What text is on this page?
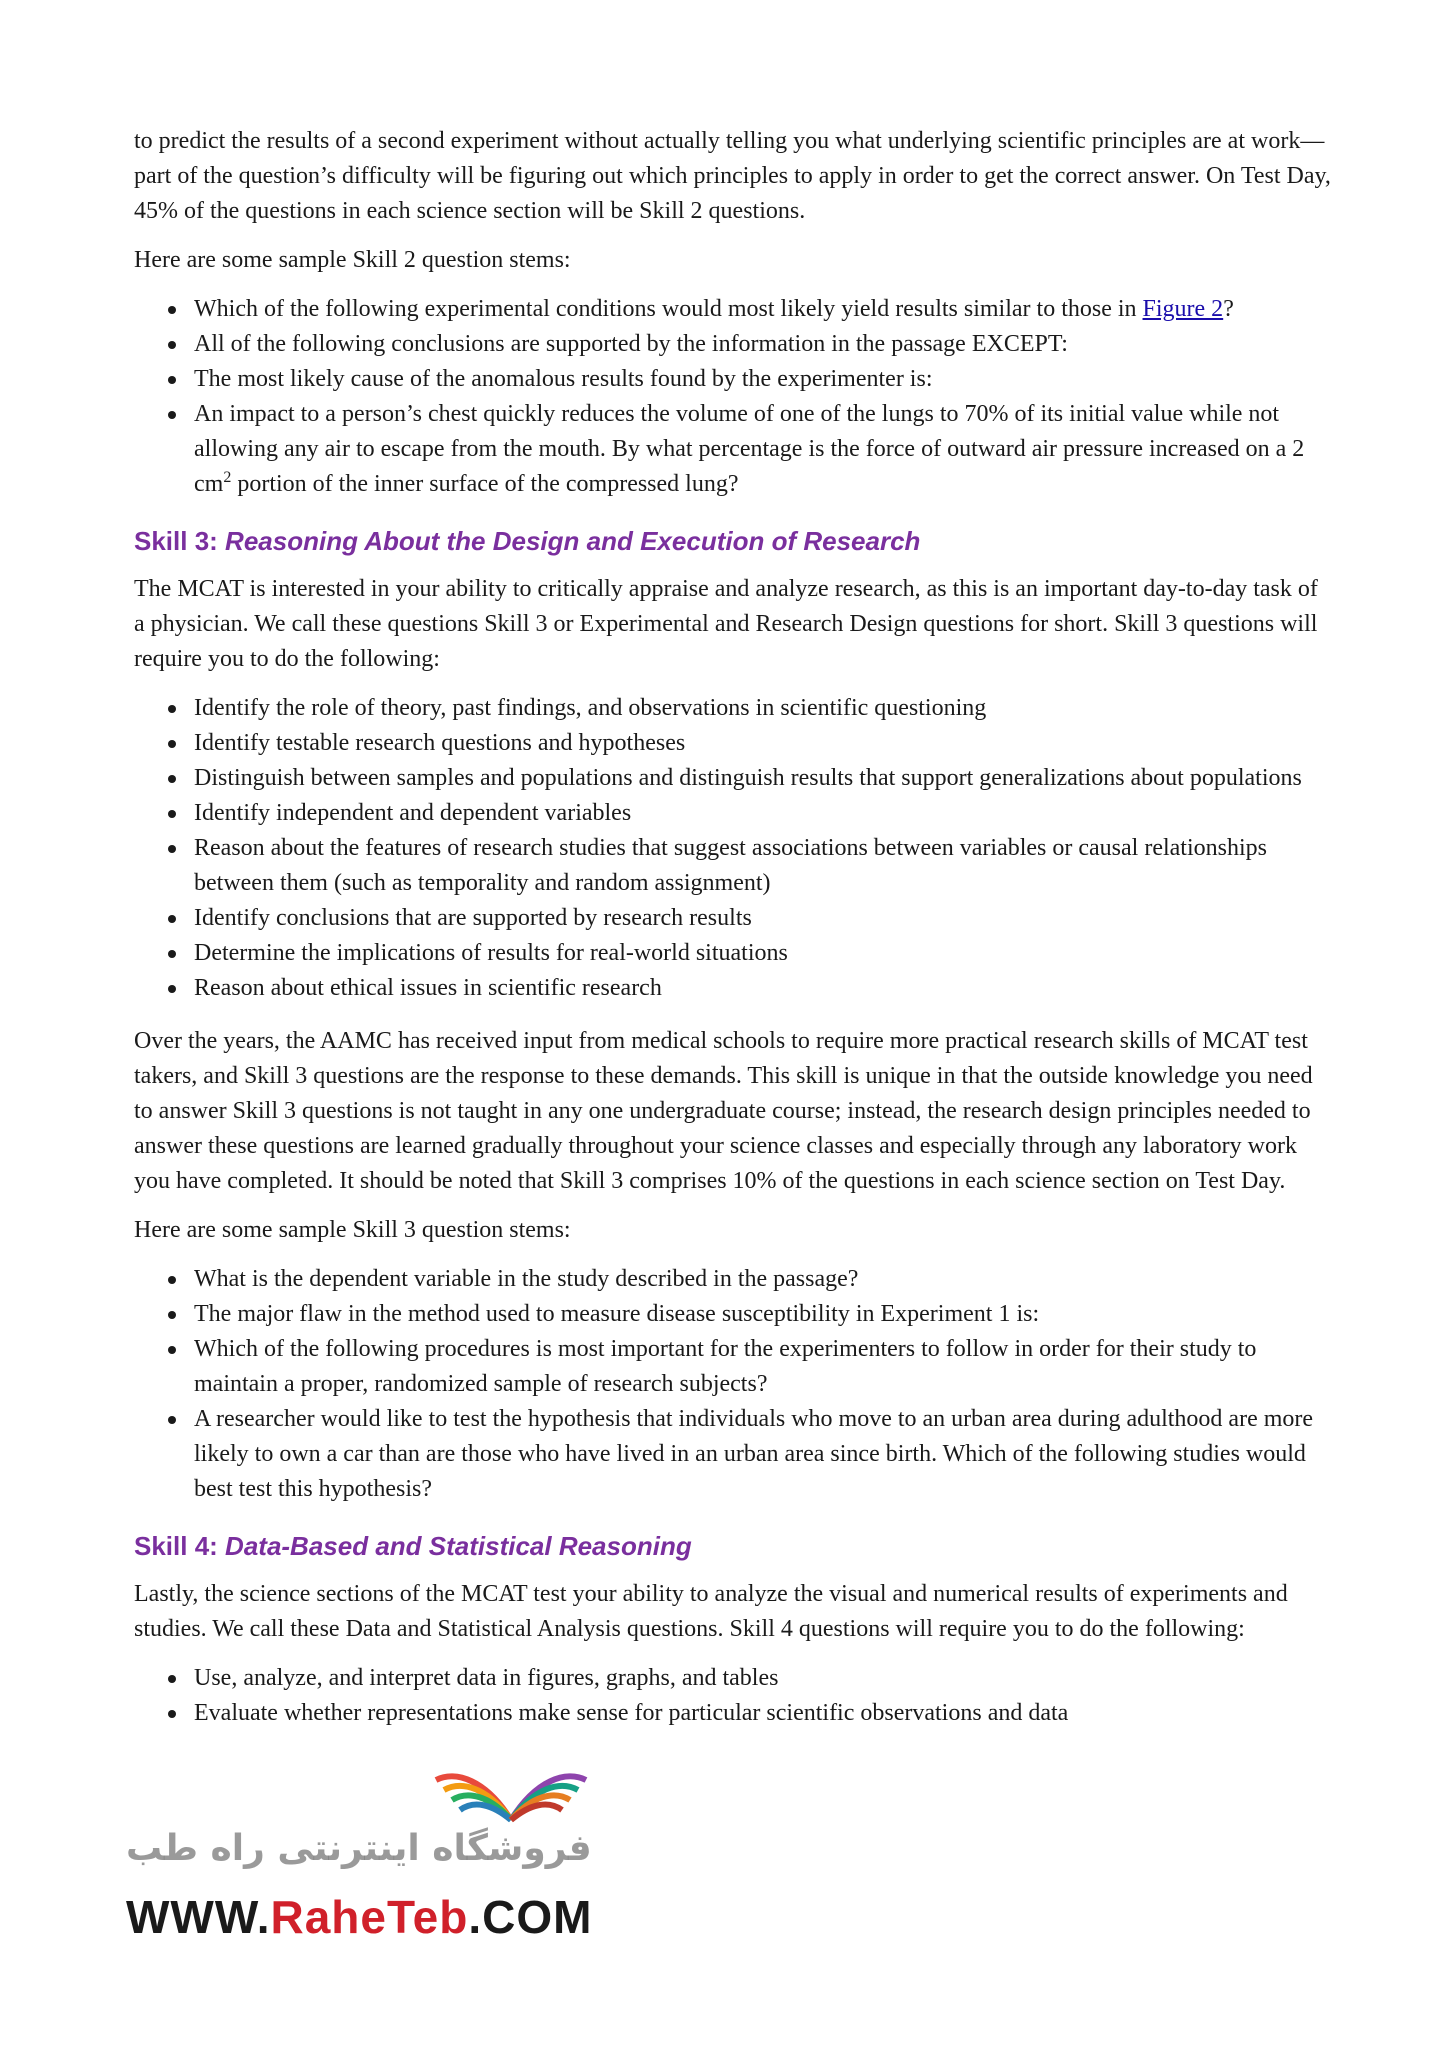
to predict the results of a second experiment without actually telling you what underlying scientific principles are at work—part of the question’s difficulty will be figuring out which principles to apply in order to get the correct answer. On Test Day, 45% of the questions in each science section will be Skill 2 questions.

Here are some sample Skill 2 question stems:

Which of the following experimental conditions would most likely yield results similar to those in Figure 2?
All of the following conclusions are supported by the information in the passage EXCEPT:
The most likely cause of the anomalous results found by the experimenter is:
An impact to a person’s chest quickly reduces the volume of one of the lungs to 70% of its initial value while not allowing any air to escape from the mouth. By what percentage is the force of outward air pressure increased on a 2 $cm^2$ portion of the inner surface of the compressed lung?
Skill 3: Reasoning About the Design and Execution of Research

The MCAT is interested in your ability to critically appraise and analyze research, as this is an important day-to-day task of a physician. We call these questions Skill 3 or Experimental and Research Design questions for short. Skill 3 questions will require you to do the following:

Identify the role of theory, past findings, and observations in scientific questioning
Identify testable research questions and hypotheses
Distinguish between samples and populations and distinguish results that support generalizations about populations
Identify independent and dependent variables
Reason about the features of research studies that suggest associations between variables or causal relationships between them (such as temporality and random assignment)
Identify conclusions that are supported by research results
Determine the implications of results for real-world situations
Reason about ethical issues in scientific research

Over the years, the AAMC has received input from medical schools to require more practical research skills of MCAT test takers, and Skill 3 questions are the response to these demands. This skill is unique in that the outside knowledge you need to answer Skill 3 questions is not taught in any one undergraduate course; instead, the research design principles needed to answer these questions are learned gradually throughout your science classes and especially through any laboratory work you have completed. It should be noted that Skill 3 comprises 10% of the questions in each science section on Test Day.

Here are some sample Skill 3 question stems:

What is the dependent variable in the study described in the passage?
The major flaw in the method used to measure disease susceptibility in Experiment 1 is:
Which of the following procedures is most important for the experimenters to follow in order for their study to maintain a proper, randomized sample of research subjects?
A researcher would like to test the hypothesis that individuals who move to an urban area during adulthood are more likely to own a car than are those who have lived in an urban area since birth. Which of the following studies would best test this hypothesis?
Skill 4: Data-Based and Statistical Reasoning

Lastly, the science sections of the MCAT test your ability to analyze the visual and numerical results of experiments and studies. We call these Data and Statistical Analysis questions. Skill 4 questions will require you to do the following:

Use, analyze, and interpret data in figures, graphs, and tables
Evaluate whether representations make sense for particular scientific observations and data
فروشگاه اینترنتی راه طب
WWW.RaheTeb.COM
